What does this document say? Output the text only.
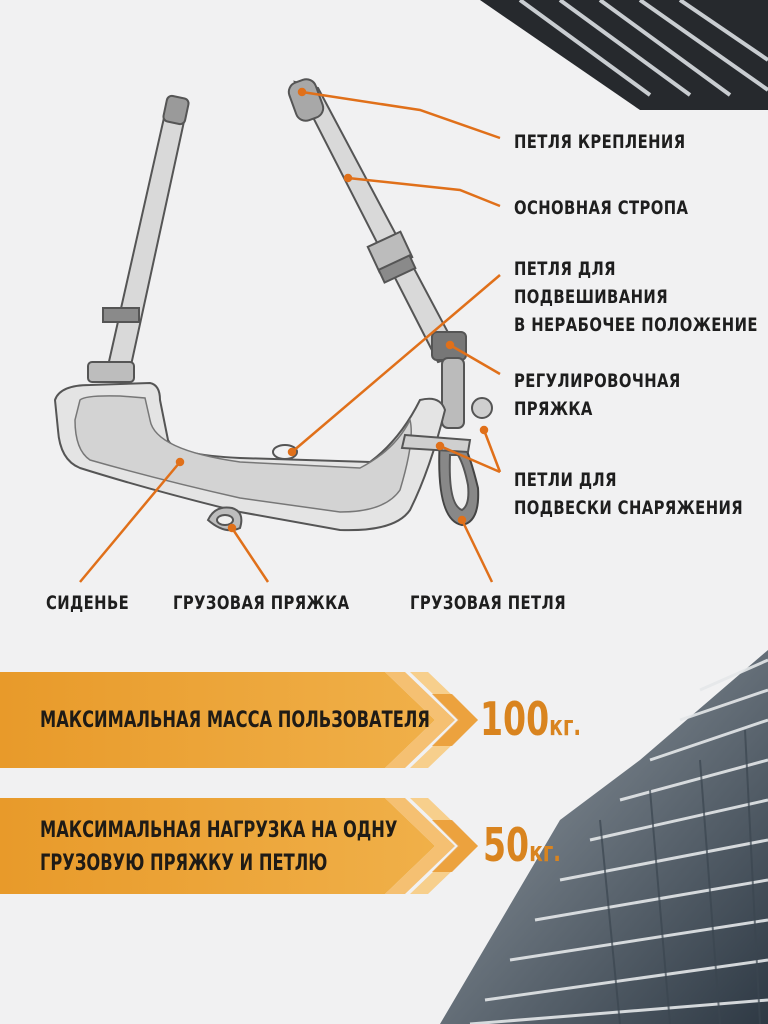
ПЕТЛЯ КРЕПЛЕНИЯ
ОСНОВНАЯ СТРОПА
ПЕТЛЯ ДЛЯ
ПОДВЕШИВАНИЯ
В НЕРАБОЧЕЕ ПОЛОЖЕНИЕ
РЕГУЛИРОВОЧНАЯ
ПРЯЖКА
ПЕТЛИ ДЛЯ
ПОДВЕСКИ СНАРЯЖЕНИЯ
СИДЕНЬЕ ГРУЗОВАЯ ПРЯЖКА	ГРУЗОВАЯ ПЕТЛЯ
МАКСИМАЛЬНАЯ МАССА ПОЛЬЗОВАТЕЛЯ 100кг.
МАКСИМАЛЬНАЯ НАГРУЗКА НА ОДНУ
ГРУЗОВУЮ ПРЯЖКУ И ПЕТЛЮ	50кг.
